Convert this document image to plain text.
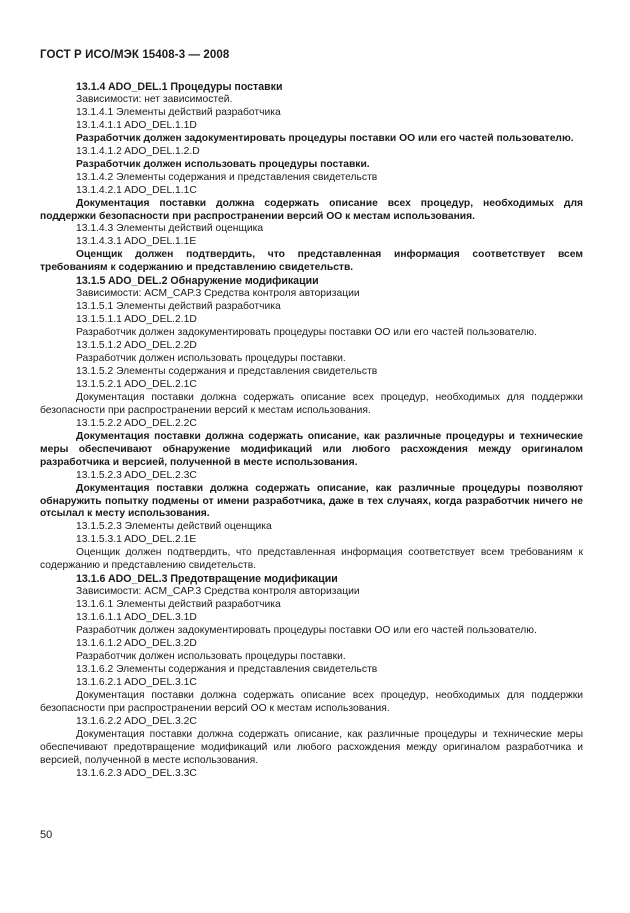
ГОСТ Р ИСО/МЭК 15408-3 — 2008

13.1.4 ADO_DEL.1 Процедуры поставки

Зависимости: нет зависимостей.

13.1.4.1 Элементы действий разработчика

13.1.4.1.1 ADO_DEL.1.1D

Разработчик должен задокументировать процедуры поставки ОО или его частей пользователю.

13.1.4.1.2 ADO_DEL.1.2.D

Разработчик должен использовать процедуры поставки.

13.1.4.2 Элементы содержания и представления свидетельств

13.1.4.2.1 ADO_DEL.1.1C

Документация поставки должна содержать описание всех процедур, необходимых для поддержки безопасности при распространении версий ОО к местам использования.

13.1.4.3 Элементы действий оценщика

13.1.4.3.1 ADO_DEL.1.1E

Оценщик должен подтвердить, что представленная информация соответствует всем требованиям к содержанию и представлению свидетельств.

13.1.5 ADO_DEL.2 Обнаружение модификации

Зависимости: ACM_CAP.3 Средства контроля авторизации

13.1.5.1 Элементы действий разработчика

13.1.5.1.1 ADO_DEL.2.1D

Разработчик должен задокументировать процедуры поставки ОО или его частей пользователю.

13.1.5.1.2 ADO_DEL.2.2D

Разработчик должен использовать процедуры поставки.

13.1.5.2 Элементы содержания и представления свидетельств

13.1.5.2.1 ADO_DEL.2.1C

Документация поставки должна содержать описание всех процедур, необходимых для поддержки безопасности при распространении версий к местам использования.

13.1.5.2.2 ADO_DEL.2.2C

Документация поставки должна содержать описание, как различные процедуры и технические меры обеспечивают обнаружение модификаций или любого расхождения между оригиналом разработчика и версией, полученной в месте использования.

13.1.5.2.3 ADO_DEL.2.3C

Документация поставки должна содержать описание, как различные процедуры позволяют обнаружить попытку подмены от имени разработчика, даже в тех случаях, когда разработчик ничего не отсылал к месту использования.

13.1.5.2.3 Элементы действий оценщика

13.1.5.3.1 ADO_DEL.2.1E

Оценщик должен подтвердить, что представленная информация соответствует всем требованиям к содержанию и представлению свидетельств.

13.1.6 ADO_DEL.3 Предотвращение модификации

Зависимости: ACM_CAP.3 Средства контроля авторизации

13.1.6.1 Элементы действий разработчика

13.1.6.1.1 ADO_DEL.3.1D

Разработчик должен задокументировать процедуры поставки ОО или его частей пользователю.

13.1.6.1.2 ADO_DEL.3.2D

Разработчик должен использовать процедуры поставки.

13.1.6.2 Элементы содержания и представления свидетельств

13.1.6.2.1 ADO_DEL.3.1C

Документация поставки должна содержать описание всех процедур, необходимых для поддержки безопасности при распространении версий ОО к местам использования.

13.1.6.2.2 ADO_DEL.3.2C

Документация поставки должна содержать описание, как различные процедуры и технические меры обеспечивают предотвращение модификаций или любого расхождения между оригиналом разработчика и версией, полученной в месте использования.

13.1.6.2.3 ADO_DEL.3.3C

50
